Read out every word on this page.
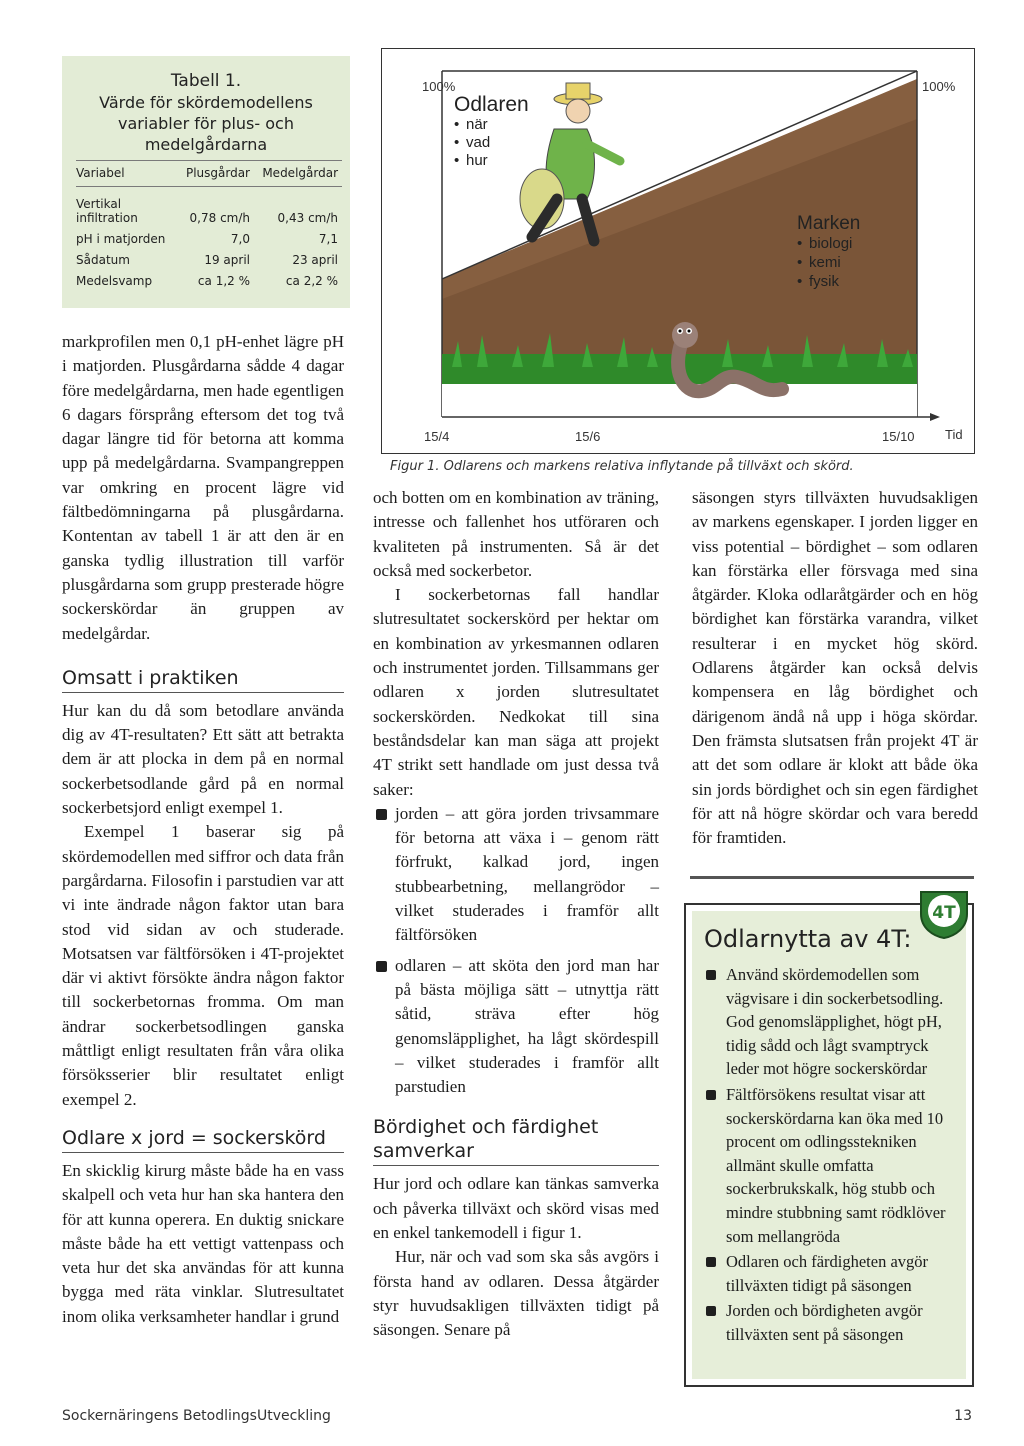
Tabell 1.
Värde för skördemodellens variabler för plus- och medelgårdarna
Variabel	Plusgårdar	Medelgårdar
Vertikal infiltration	0,78 cm/h	0,43 cm/h
pH i matjorden	7,0	7,1
Sådatum	19 april	23 april
Medelsvamp	ca 1,2 %	ca 2,2 %
100%	100%
15/4	15/6	15/10 Tid
Odlaren
• när
• vad
• hur
Marken
• biologi
• kemi
• fysik
Figur 1. Odlarens och markens relativa inflytande på tillväxt och skörd.

markprofilen men 0,1 pH-enhet lägre pH i matjorden. Plusgårdarna sådde 4 dagar före medelgårdarna, men hade egentligen 6 dagars försprång eftersom det tog två dagar längre tid för betorna att komma upp på medelgårdarna. Svampangreppen var omkring en procent lägre vid fältbedömningarna på plusgårdarna. Kontentan av tabell 1 är att den är en ganska tydlig illustration till varför plusgårdarna som grupp presterade högre sockerskördar än gruppen av medelgårdar.

Omsatt i praktiken

Hur kan du då som betodlare använda dig av 4T-resultaten? Ett sätt att betrakta dem är att plocka in dem på en normal sockerbetsodlande gård på en normal sockerbetsjord enligt exempel 1.

Exempel 1 baserar sig på skördemodellen med siffror och data från pargårdarna. Filosofin i parstudien var att vi inte ändrade någon faktor utan bara stod vid sidan av och studerade. Motsatsen var fältförsöken i 4T-projektet där vi aktivt försökte ändra någon faktor till sockerbetornas fromma. Om man ändrar sockerbetsodlingen ganska måttligt enligt resultaten från våra olika försöksserier blir resultatet enligt exempel 2.

Odlare x jord = sockerskörd

En skicklig kirurg måste både ha en vass skalpell och veta hur han ska hantera den för att kunna operera. En duktig snickare måste både ha ett vettigt vattenpass och veta hur det ska användas för att kunna bygga med räta vinklar. Slutresultatet inom olika verksamheter handlar i grund

och botten om en kombination av träning, intresse och fallenhet hos utföraren och kvaliteten på instrumenten. Så är det också med sockerbetor.

I sockerbetornas fall handlar slutresultatet sockerskörd per hektar om en kombination av yrkesmannen odlaren och instrumentet jorden. Tillsammans ger odlaren x jorden slutresultatet sockerskörden. Nedkokat till sina beståndsdelar kan man säga att projekt 4T strikt sett handlade om just dessa två saker:

jorden – att göra jorden trivsammare för betorna att växa i – genom rätt förfrukt, kalkad jord, ingen stubbearbetning, mellangrödor – vilket studerades i framför allt fältförsöken
odlaren – att sköta den jord man har på bästa möjliga sätt – utnyttja rätt såtid, sträva efter hög genomsläpplighet, ha lågt skördespill – vilket studerades i framför allt parstudien
Bördighet och färdighet samverkar

Hur jord och odlare kan tänkas samverka och påverka tillväxt och skörd visas med en enkel tankemodell i figur 1.

Hur, när och vad som ska sås avgörs i första hand av odlaren. Dessa åtgärder styr huvudsakligen tillväxten tidigt på säsongen. Senare på

säsongen styrs tillväxten huvudsakligen av markens egenskaper. I jorden ligger en viss potential – bördighet – som odlaren kan förstärka eller försvaga med sina åtgärder. Kloka odlaråtgärder och en hög bördighet kan förstärka varandra, vilket resulterar i en mycket hög skörd. Odlarens åtgärder kan också delvis kompensera en låg bördighet och därigenom ändå nå upp i höga skördar. Den främsta slutsatsen från projekt 4T är att det som odlare är klokt att både öka sin jords bördighet och sin egen färdighet för att nå högre skördar och vara beredd för framtiden.

Odlarnytta av 4T:
Använd skördemodellen som vägvisare i din sockerbetsodling. God genomsläpplighet, högt pH, tidig sådd och lågt svamptryck leder mot högre sockerskördar
Fältförsökens resultat visar att sockerskördarna kan öka med 10 procent om odlingsstekniken allmänt skulle omfatta sockerbrukskalk, hög stubb och mindre stubbning samt rödklöver som mellangröda
Odlaren och färdigheten avgör tillväxten tidigt på säsongen
Jorden och bördigheten avgör tillväxten sent på säsongen
4T
Sockernäringens BetodlingsUtveckling	13
